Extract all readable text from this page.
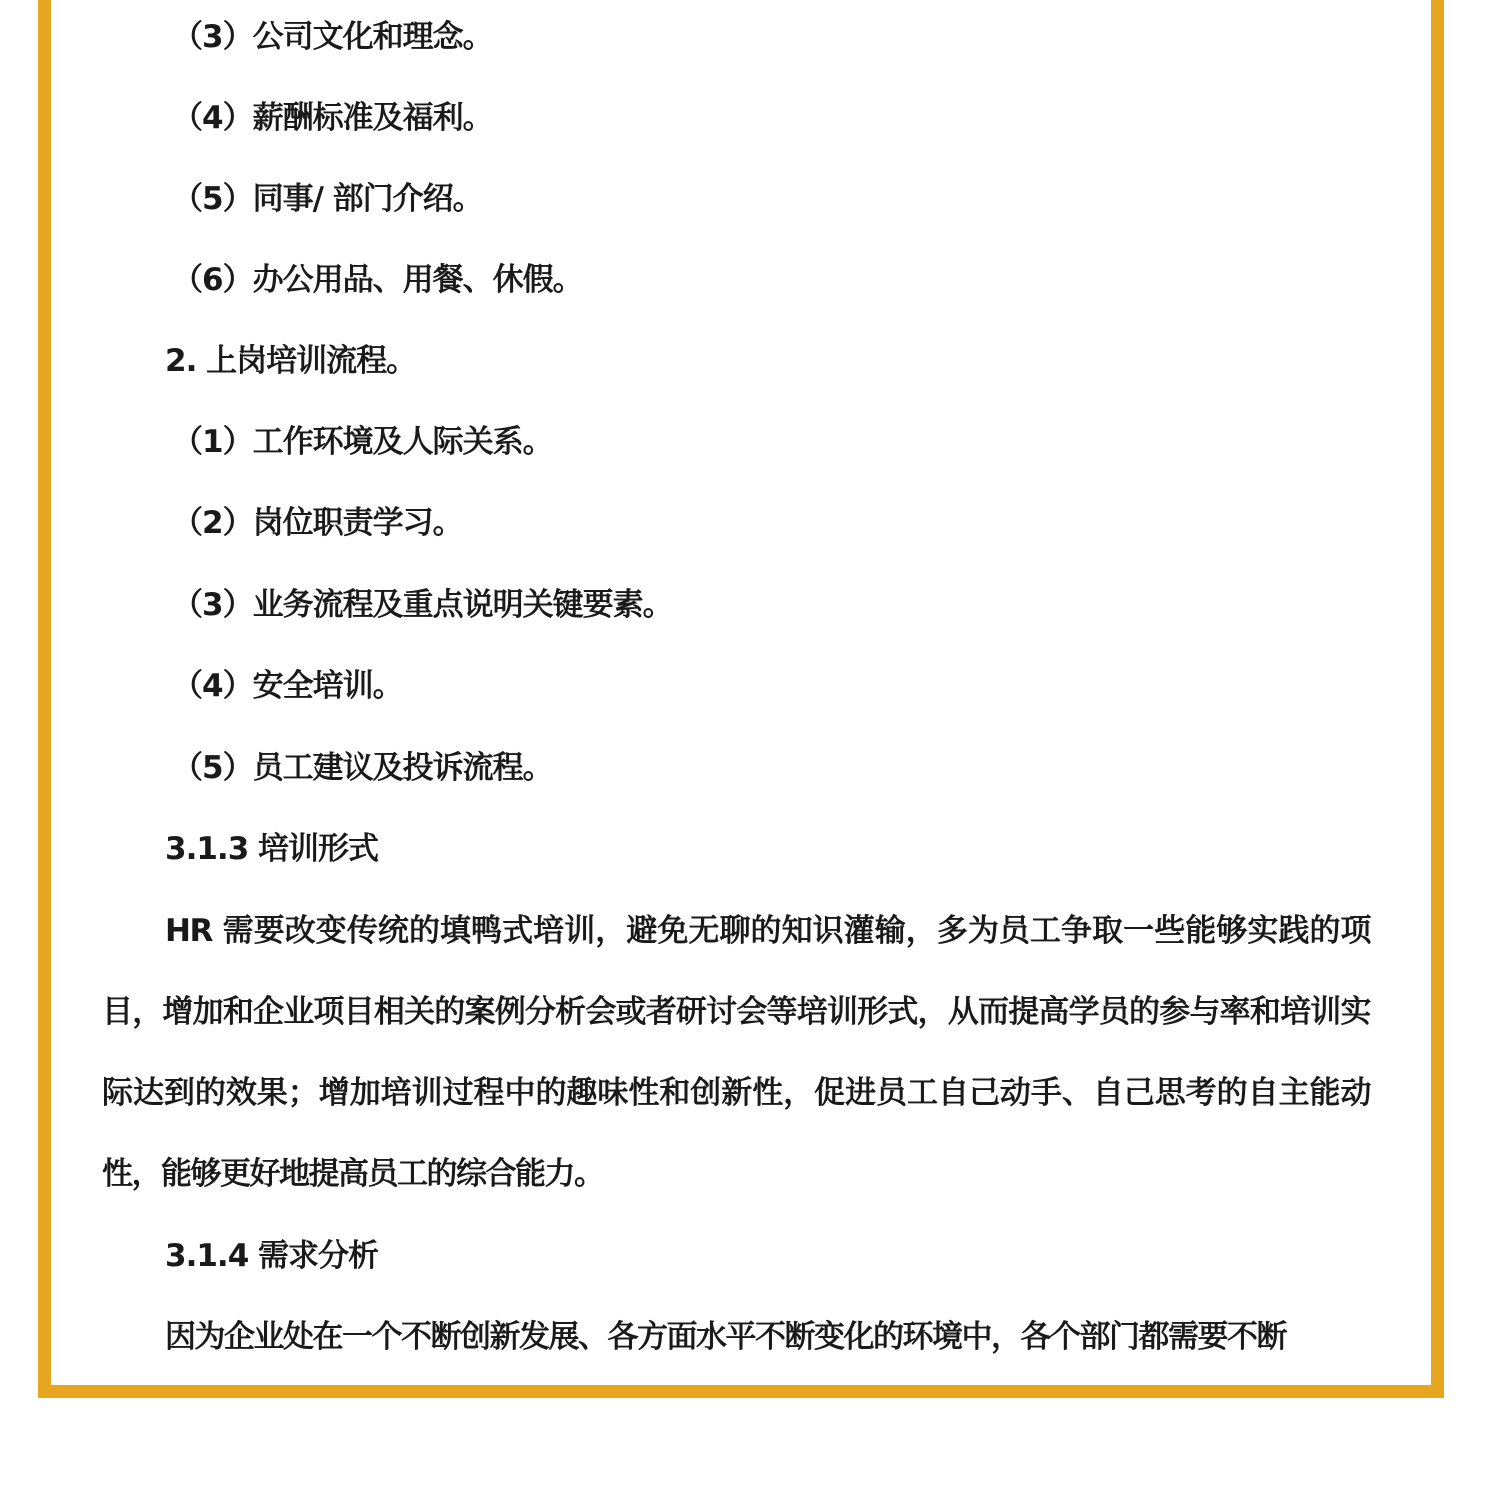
（3）公司文化和理念。
（4）薪酬标准及福利。
（5）同事/ 部门介绍。
（6）办公用品、用餐、休假。
2. 上岗培训流程。
（1）工作环境及人际关系。
（2）岗位职责学习。
（3）业务流程及重点说明关键要素。
（4）安全培训。
（5）员工建议及投诉流程。
3.1.3 培训形式

HR 需要改变传统的填鸭式培训，避免无聊的知识灌输，多为员工争取一些能够实践的项目，增加和企业项目相关的案例分析会或者研讨会等培训形式，从而提高学员的参与率和培训实际达到的效果；增加培训过程中的趣味性和创新性，促进员工自己动手、自己思考的自主能动性，能够更好地提高员工的综合能力。

3.1.4 需求分析
因为企业处在一个不断创新发展、各方面水平不断变化的环境中，各个部门都需要不断
